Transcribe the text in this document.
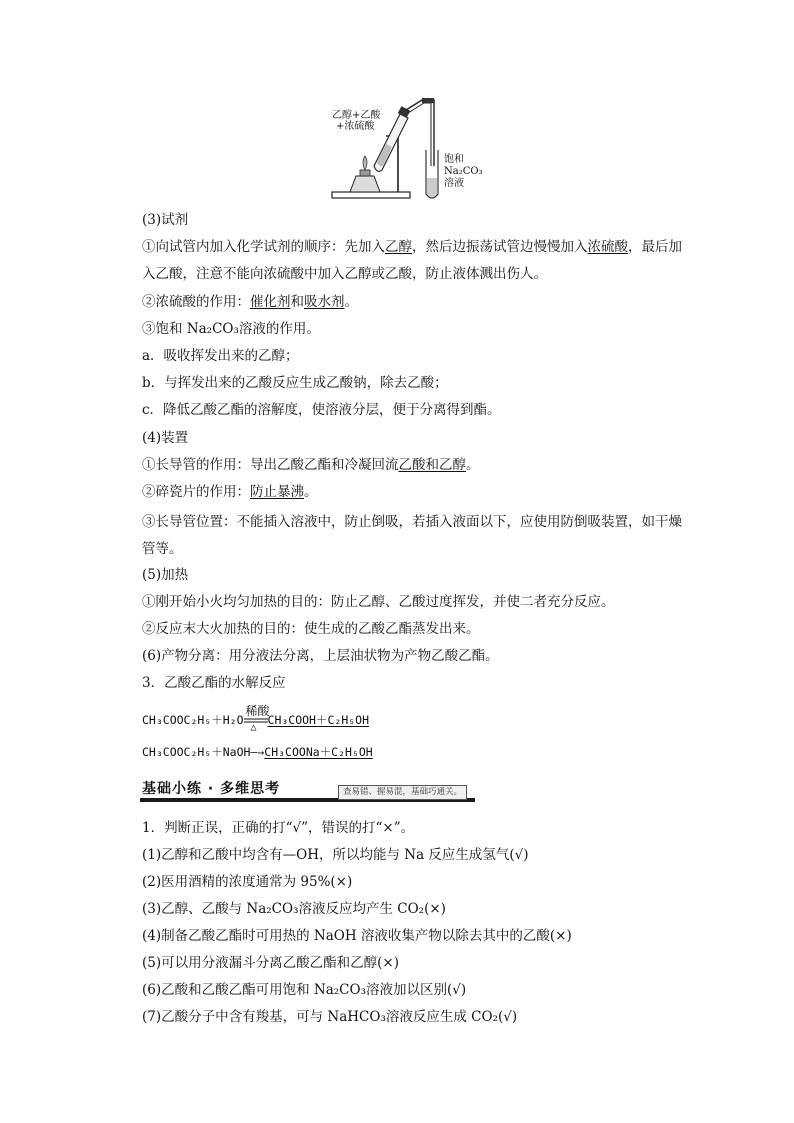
乙醇+乙酸
+浓硫酸
饱和
Na₂CO₃
溶液
(3)试剂
①向试管内加入化学试剂的顺序：先加入乙醇，然后边振荡试管边慢慢加入浓硫酸，最后加入乙酸，注意不能向浓硫酸中加入乙醇或乙酸，防止液体溅出伤人。
②浓硫酸的作用：催化剂和吸水剂。
③饱和 Na₂CO₃溶液的作用。
a．吸收挥发出来的乙醇；
b．与挥发出来的乙酸反应生成乙酸钠，除去乙酸；
c．降低乙酸乙酯的溶解度，使溶液分层，便于分离得到酯。
(4)装置
①长导管的作用：导出乙酸乙酯和冷凝回流乙酸和乙醇。
②碎瓷片的作用：防止暴沸。
③长导管位置：不能插入溶液中，防止倒吸，若插入液面以下，应使用防倒吸装置，如干燥管等。
(5)加热
①刚开始小火均匀加热的目的：防止乙醇、乙酸过度挥发，并使二者充分反应。
②反应末大火加热的目的：使生成的乙酸乙酯蒸发出来。
(6)产物分离：用分液法分离，上层油状物为产物乙酸乙酯。
3．乙酸乙酯的水解反应
CH₃COOC₂H₅＋H₂O
稀酸
△ CH₃COOH＋C₂H₅OH
CH₃COOC₂H₅＋NaOH—→CH₃COONa＋C₂H₅OH
基础小练 · 多维思考	查易错、握易混，基础巧通关。
1．判断正误，正确的打“√”，错误的打“×”。
(1)乙醇和乙酸中均含有—OH，所以均能与 Na 反应生成氢气(√)
(2)医用酒精的浓度通常为 95%(×)
(3)乙醇、乙酸与 Na₂CO₃溶液反应均产生 CO₂(×)
(4)制备乙酸乙酯时可用热的 NaOH 溶液收集产物以除去其中的乙酸(×)
(5)可以用分液漏斗分离乙酸乙酯和乙醇(×)
(6)乙酸和乙酸乙酯可用饱和 Na₂CO₃溶液加以区别(√)
(7)乙酸分子中含有羧基，可与 NaHCO₃溶液反应生成 CO₂(√)
